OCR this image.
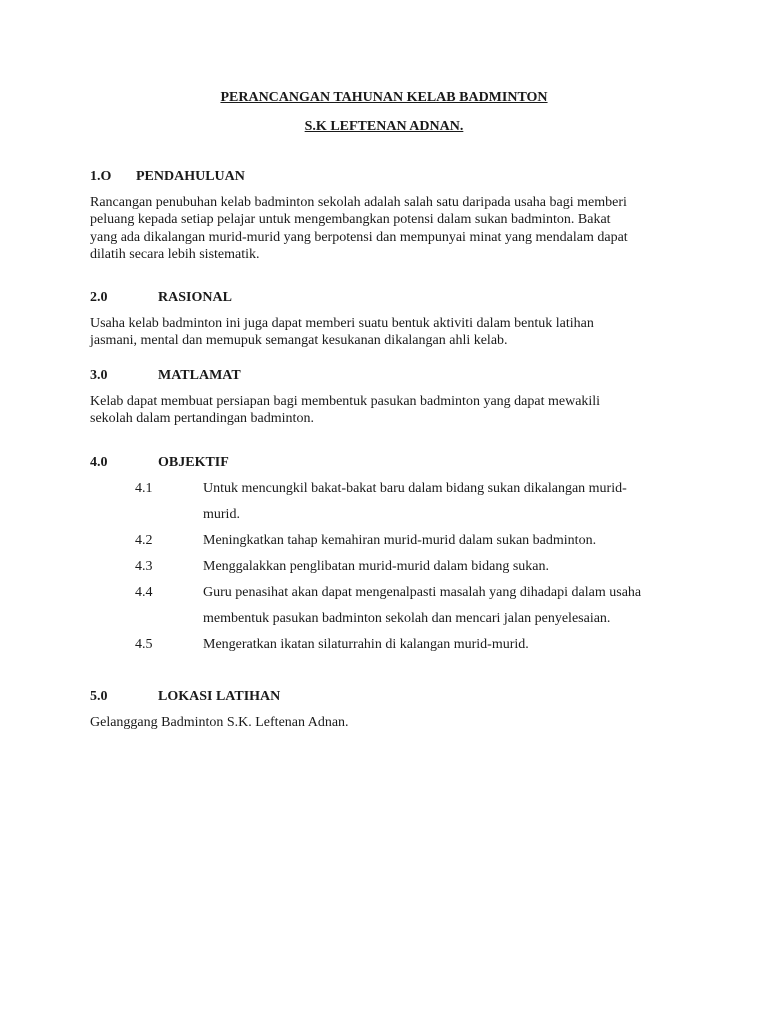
PERANCANGAN TAHUNAN KELAB BADMINTON
S.K LEFTENAN ADNAN.
1.O PENDAHULUAN
Rancangan penubuhan kelab badminton sekolah adalah salah satu daripada usaha bagi memberi
peluang kepada setiap pelajar untuk mengembangkan potensi dalam sukan badminton. Bakat
yang ada dikalangan murid-murid yang berpotensi dan mempunyai minat yang mendalam dapat
dilatih secara lebih sistematik.
2.0	RASIONAL
Usaha kelab badminton ini juga dapat memberi suatu bentuk aktiviti dalam bentuk latihan
jasmani, mental dan memupuk semangat kesukanan dikalangan ahli kelab.
3.0	MATLAMAT
Kelab dapat membuat persiapan bagi membentuk pasukan badminton yang dapat mewakili
sekolah dalam pertandingan badminton.
4.0	OBJEKTIF
4.1	Untuk mencungkil bakat-bakat baru dalam bidang sukan dikalangan murid-
murid.
4.2	Meningkatkan tahap kemahiran murid-murid dalam sukan badminton.
4.3	Menggalakkan penglibatan murid-murid dalam bidang sukan.
4.4	Guru penasihat akan dapat mengenalpasti masalah yang dihadapi dalam usaha
membentuk pasukan badminton sekolah dan mencari jalan penyelesaian.
4.5	Mengeratkan ikatan silaturrahin di kalangan murid-murid.
5.0	LOKASI LATIHAN
Gelanggang Badminton S.K. Leftenan Adnan.
